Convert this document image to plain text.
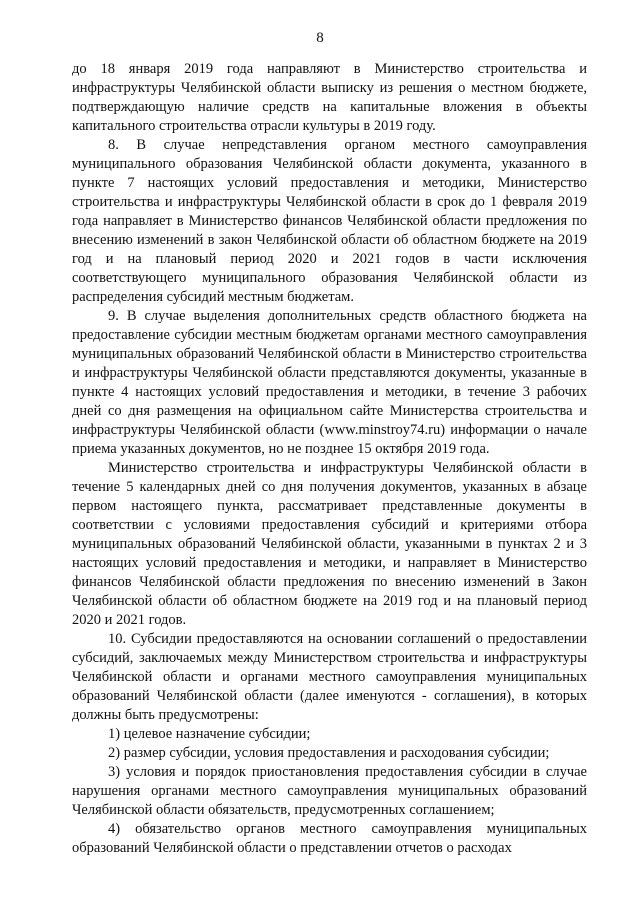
8

до 18 января 2019 года направляют в Министерство строительства и инфраструктуры Челябинской области выписку из решения о местном бюджете, подтверждающую наличие средств на капитальные вложения в объекты капитального строительства отрасли культуры в 2019 году.

8. В случае непредставления органом местного самоуправления муниципального образования Челябинской области документа, указанного в пункте 7 настоящих условий предоставления и методики, Министерство строительства и инфраструктуры Челябинской области в срок до 1 февраля 2019 года направляет в Министерство финансов Челябинской области предложения по внесению изменений в закон Челябинской области об областном бюджете на 2019 год и на плановый период 2020 и 2021 годов в части исключения соответствующего муниципального образования Челябинской области из распределения субсидий местным бюджетам.

9. В случае выделения дополнительных средств областного бюджета на предоставление субсидии местным бюджетам органами местного самоуправления муниципальных образований Челябинской области в Министерство строительства и инфраструктуры Челябинской области представляются документы, указанные в пункте 4 настоящих условий предоставления и методики, в течение 3 рабочих дней со дня размещения на официальном сайте Министерства строительства и инфраструктуры Челябинской области (www.minstroy74.ru) информации о начале приема указанных документов, но не позднее 15 октября 2019 года.

Министерство строительства и инфраструктуры Челябинской области в течение 5 календарных дней со дня получения документов, указанных в абзаце первом настоящего пункта, рассматривает представленные документы в соответствии с условиями предоставления субсидий и критериями отбора муниципальных образований Челябинской области, указанными в пунктах 2 и 3 настоящих условий предоставления и методики, и направляет в Министерство финансов Челябинской области предложения по внесению изменений в Закон Челябинской области об областном бюджете на 2019 год и на плановый период 2020 и 2021 годов.

10. Субсидии предоставляются на основании соглашений о предоставлении субсидий, заключаемых между Министерством строительства и инфраструктуры Челябинской области и органами местного самоуправления муниципальных образований Челябинской области (далее именуются - соглашения), в которых должны быть предусмотрены:

1) целевое назначение субсидии;

2) размер субсидии, условия предоставления и расходования субсидии;

3) условия и порядок приостановления предоставления субсидии в случае нарушения органами местного самоуправления муниципальных образований Челябинской области обязательств, предусмотренных соглашением;

4) обязательство органов местного самоуправления муниципальных образований Челябинской области о представлении отчетов о расходах
